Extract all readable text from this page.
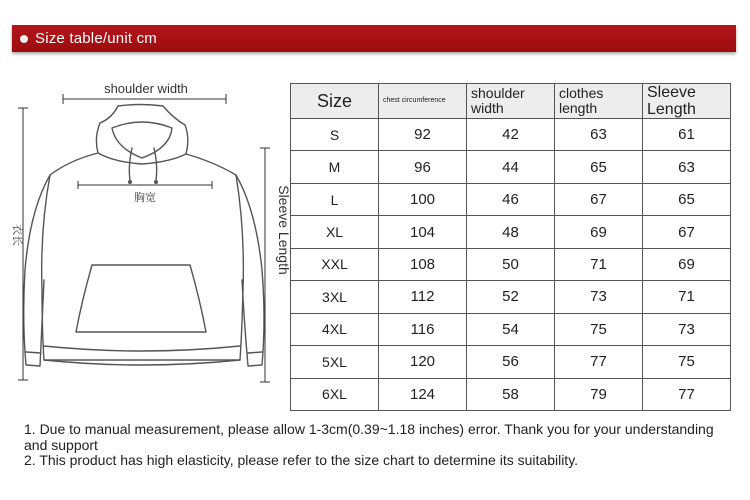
Size table/unit cm
shoulder width
胸宽
衣长	Sleeve Length
Size	chest circumference	shoulder width	clothes length	Sleeve Length
S	92	42	63	61
M	96	44	65	63
L	100	46	67	65
XL	104	48	69	67
XXL	108	50	71	69
3XL	112	52	73	71
4XL	116	54	75	73
5XL	120	56	77	75
6XL	124	58	79	77

1. Due to manual measurement, please allow 1-3cm(0.39~1.18 inches) error. Thank you for your understanding and support

2. This product has high elasticity, please refer to the size chart to determine its suitability.
